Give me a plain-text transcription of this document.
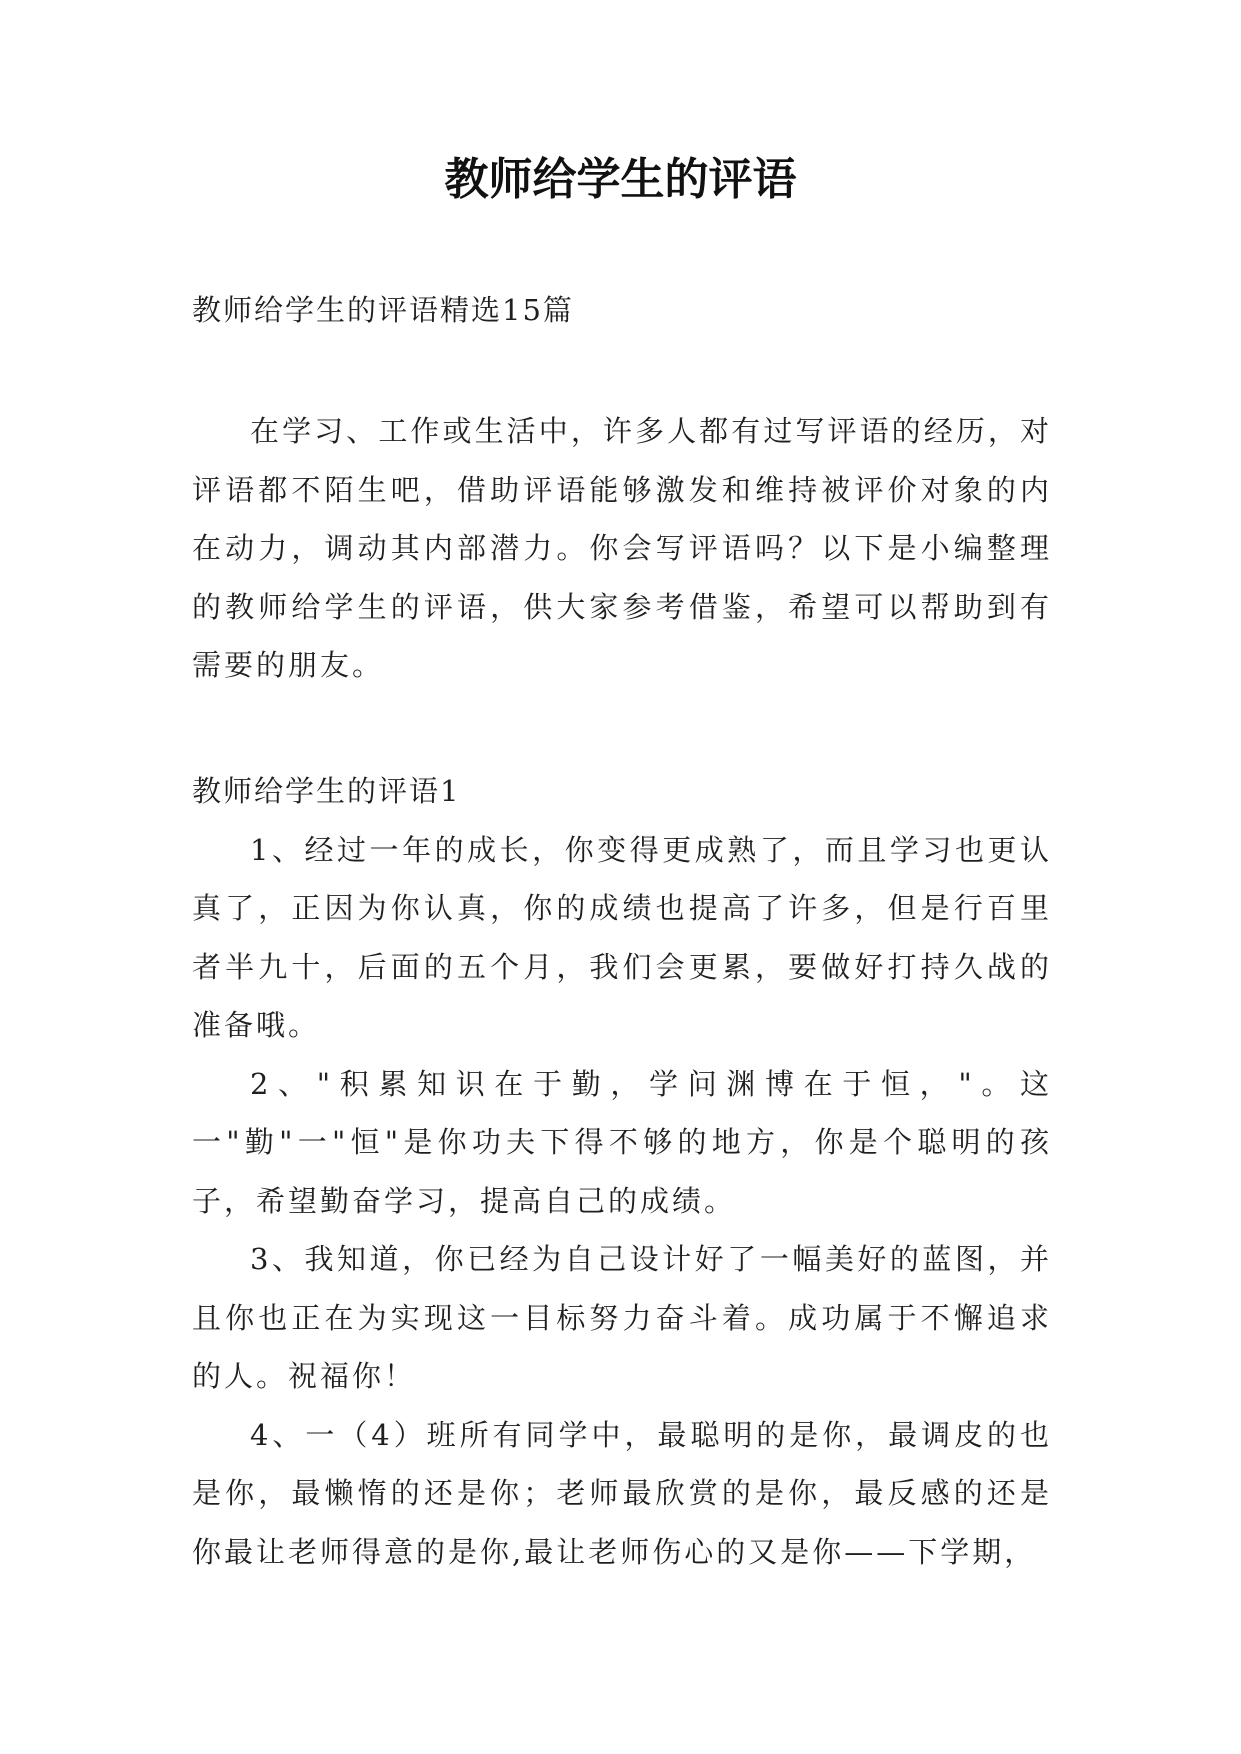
教师给学生的评语
教师给学生的评语精选15篇

在学习、工作或生活中，许多人都有过写评语的经历，对评语都不陌生吧，借助评语能够激发和维持被评价对象的内在动力，调动其内部潜力。你会写评语吗？以下是小编整理的教师给学生的评语，供大家参考借鉴，希望可以帮助到有需要的朋友。

教师给学生的评语1

1、经过一年的成长，你变得更成熟了，而且学习也更认真了，正因为你认真，你的成绩也提高了许多，但是行百里者半九十，后面的五个月，我们会更累，要做好打持久战的准备哦。

2、"积累知识在于勤，学问渊博在于恒，"。这一"勤"一"恒"是你功夫下得不够的地方，你是个聪明的孩子，希望勤奋学习，提高自己的成绩。

3、我知道，你已经为自己设计好了一幅美好的蓝图，并且你也正在为实现这一目标努力奋斗着。成功属于不懈追求的人。祝福你！

4、一（4）班所有同学中，最聪明的是你，最调皮的也是你，最懒惰的还是你；老师最欣赏的是你，最反感的还是你最让老师得意的是你,最让老师伤心的又是你——下学期，
